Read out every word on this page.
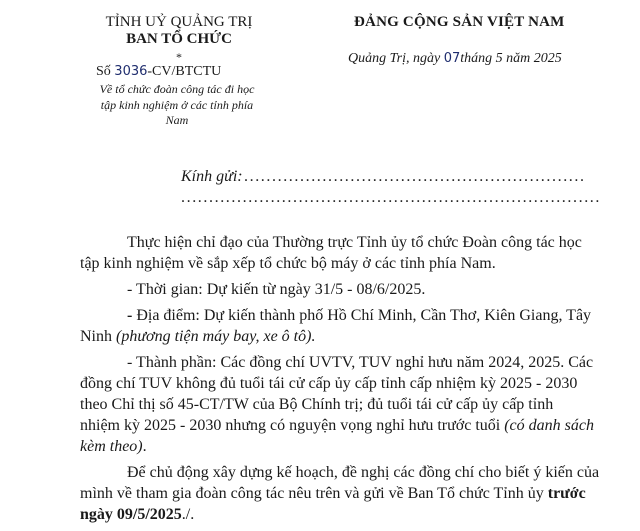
TỈNH UỶ QUẢNG TRỊ
BAN TỔ CHỨC
*
Số 3036-CV/BTCTU
Về tổ chức đoàn công tác đi học tập kinh nghiệm ở các tỉnh phía Nam
ĐẢNG CỘNG SẢN VIỆT NAM
Quảng Trị, ngày 07tháng 5 năm 2025
Kính gửi: .............................................................
...........................................................................
Thực hiện chỉ đạo của Thường trực Tỉnh ủy tổ chức Đoàn công tác học
tập kinh nghiệm về sắp xếp tổ chức bộ máy ở các tỉnh phía Nam.
- Thời gian: Dự kiến từ ngày 31/5 - 08/6/2025.
- Địa điểm: Dự kiến thành phố Hồ Chí Minh, Cần Thơ, Kiên Giang, Tây
Ninh (phương tiện máy bay, xe ô tô).
- Thành phần: Các đồng chí UVTV, TUV nghỉ hưu năm 2024, 2025. Các
đồng chí TUV không đủ tuổi tái cử cấp ủy cấp tỉnh cấp nhiệm kỳ 2025 - 2030
theo Chỉ thị số 45-CT/TW của Bộ Chính trị; đủ tuổi tái cử cấp ủy cấp tỉnh
nhiệm kỳ 2025 - 2030 nhưng có nguyện vọng nghỉ hưu trước tuổi (có danh sách
kèm theo).
Để chủ động xây dựng kế hoạch, đề nghị các đồng chí cho biết ý kiến của
mình về tham gia đoàn công tác nêu trên và gửi về Ban Tổ chức Tỉnh ủy trước
ngày 09/5/2025./.
